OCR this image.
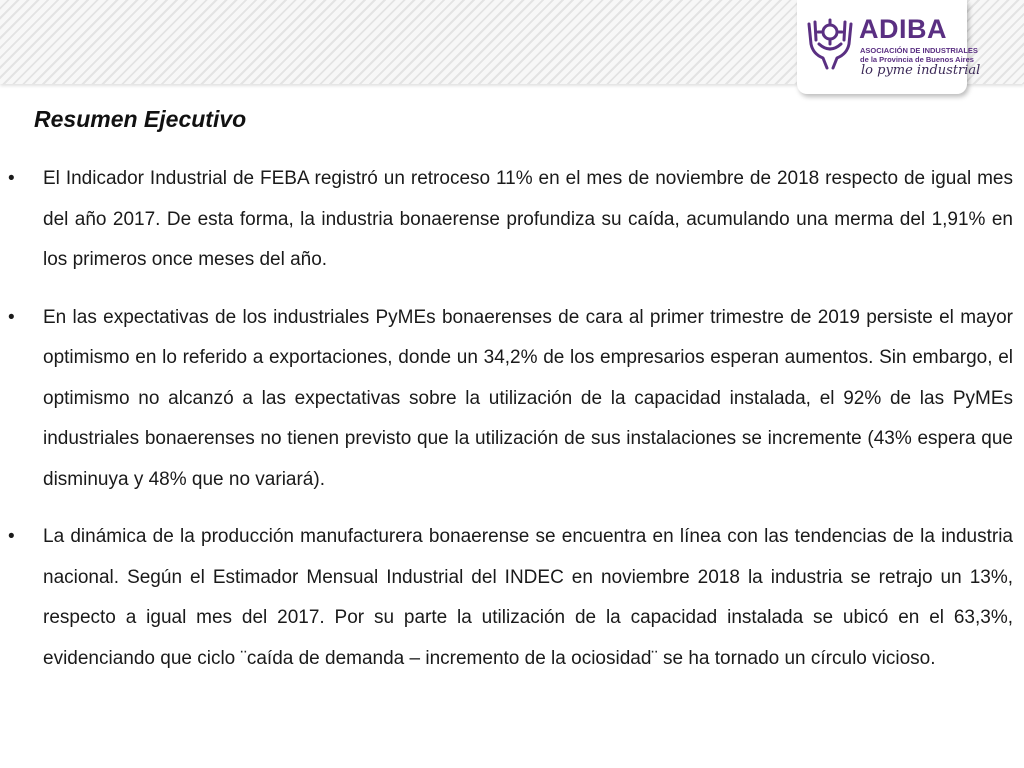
ADIBA
ASOCIACIÓN DE INDUSTRIALES
de la Provincia de Buenos Aires
lo pyme industrial
Resumen Ejecutivo
• El Indicador Industrial de FEBA registró un retroceso 11% en el mes de noviembre de 2018 respecto de igual mes del año 2017. De esta forma, la industria bonaerense profundiza su caída, acumulando una merma del 1,91% en los primeros once meses del año.

• En las expectativas de los industriales PyMEs bonaerenses de cara al primer trimestre de 2019 persiste el mayor optimismo en lo referido a exportaciones, donde un 34,2% de los empresarios esperan aumentos. Sin embargo, el optimismo no alcanzó a las expectativas sobre la utilización de la capacidad instalada, el 92% de las PyMEs industriales bonaerenses no tienen previsto que la utilización de sus instalaciones se incremente (43% espera que disminuya y 48% que no variará).

• La dinámica de la producción manufacturera bonaerense se encuentra en línea con las tendencias de la industria nacional. Según el Estimador Mensual Industrial del INDEC en noviembre 2018 la industria se retrajo un 13%, respecto a igual mes del 2017. Por su parte la utilización de la capacidad instalada se ubicó en el 63,3%, evidenciando que ciclo ¨caída de demanda – incremento de la ociosidad¨ se ha tornado un círculo vicioso.
